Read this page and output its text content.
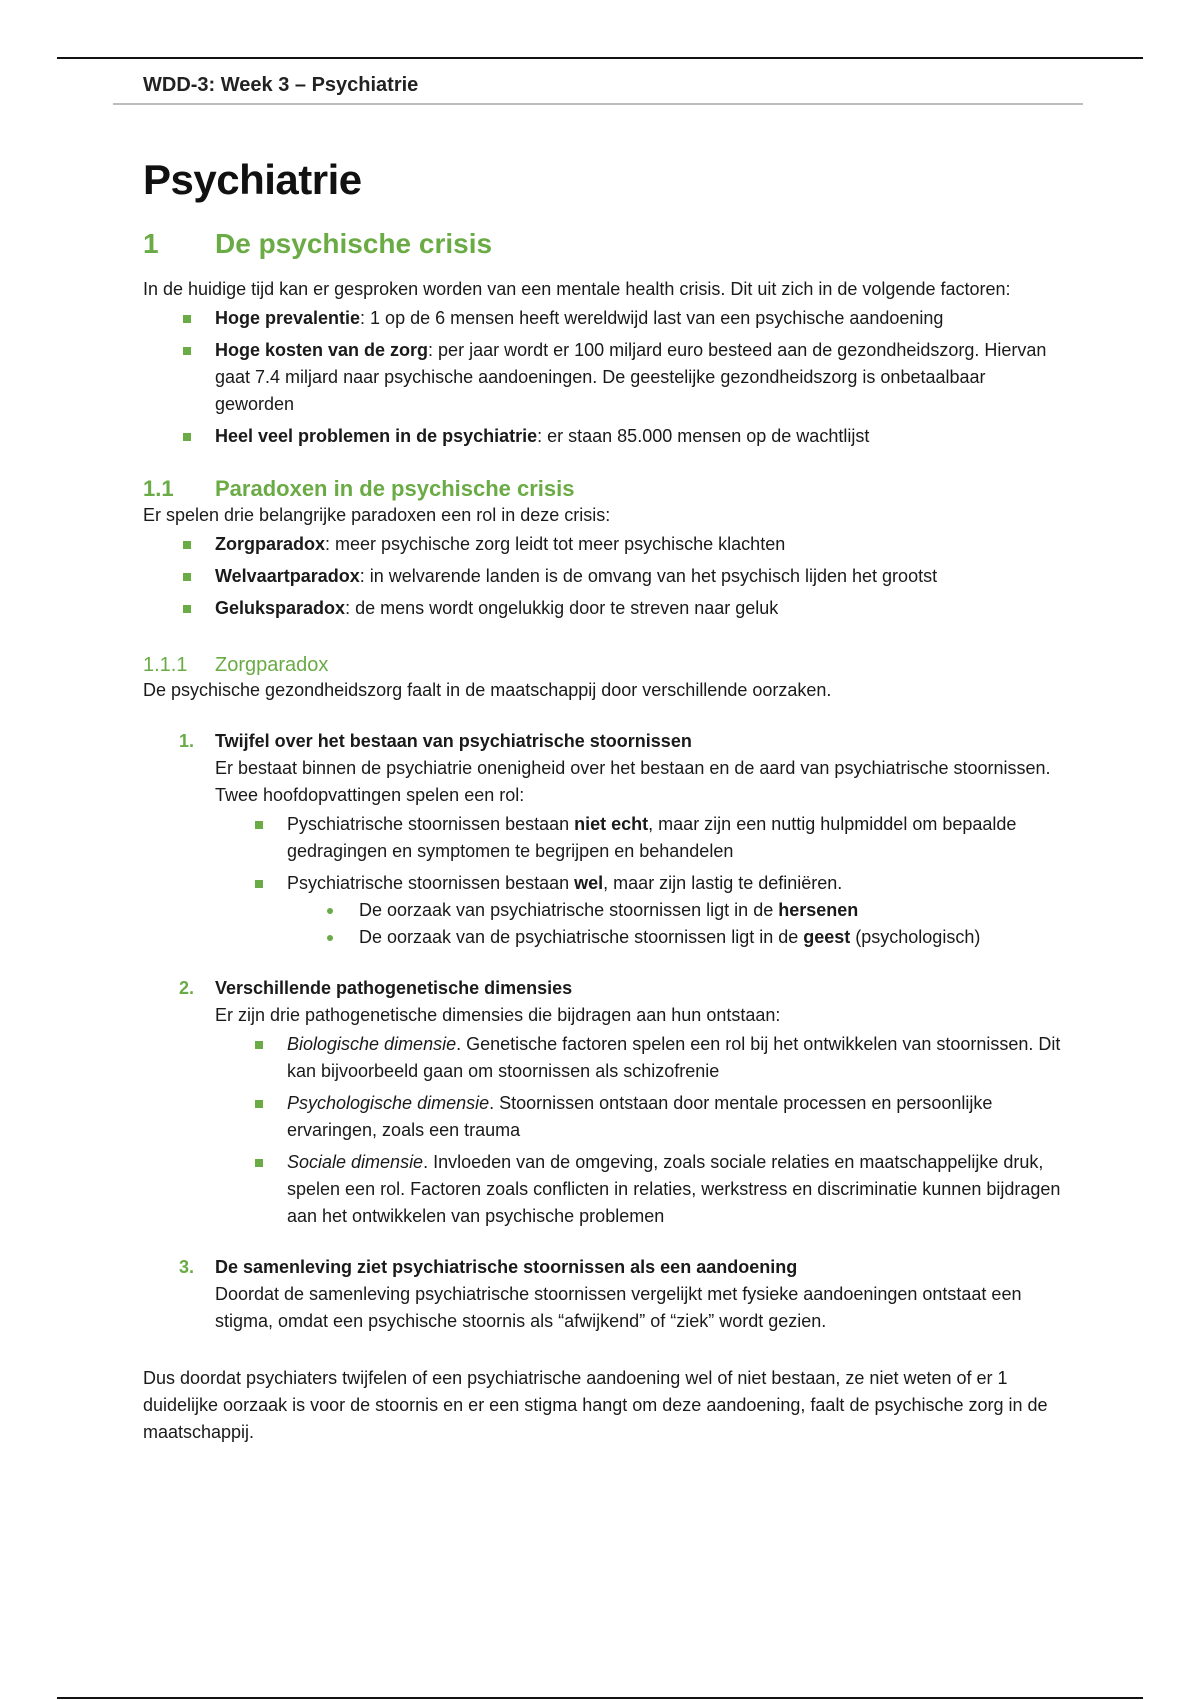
WDD-3: Week 3 – Psychiatrie
Psychiatrie
1	De psychische crisis

In de huidige tijd kan er gesproken worden van een mentale health crisis. Dit uit zich in de volgende factoren:

Hoge prevalentie: 1 op de 6 mensen heeft wereldwijd last van een psychische aandoening
Hoge kosten van de zorg: per jaar wordt er 100 miljard euro besteed aan de gezondheidszorg. Hiervan gaat 7.4 miljard naar psychische aandoeningen. De geestelijke gezondheidszorg is onbetaalbaar geworden
Heel veel problemen in de psychiatrie: er staan 85.000 mensen op de wachtlijst
1.1	Paradoxen in de psychische crisis

Er spelen drie belangrijke paradoxen een rol in deze crisis:

Zorgparadox: meer psychische zorg leidt tot meer psychische klachten
Welvaartparadox: in welvarende landen is de omvang van het psychisch lijden het grootst
Geluksparadox: de mens wordt ongelukkig door te streven naar geluk
1.1.1	Zorgparadox

De psychische gezondheidszorg faalt in de maatschappij door verschillende oorzaken.

1. Twijfel over het bestaan van psychiatrische stoornissen

Er bestaat binnen de psychiatrie onenigheid over het bestaan en de aard van psychiatrische stoornissen. Twee hoofdopvattingen spelen een rol:

Pyschiatrische stoornissen bestaan niet echt, maar zijn een nuttig hulpmiddel om bepaalde gedragingen en symptomen te begrijpen en behandelen
Psychiatrische stoornissen bestaan wel, maar zijn lastig te definiëren.
De oorzaak van psychiatrische stoornissen ligt in de hersenen
De oorzaak van de psychiatrische stoornissen ligt in de geest (psychologisch)
2. Verschillende pathogenetische dimensies

Er zijn drie pathogenetische dimensies die bijdragen aan hun ontstaan:

Biologische dimensie. Genetische factoren spelen een rol bij het ontwikkelen van stoornissen. Dit kan bijvoorbeeld gaan om stoornissen als schizofrenie
Psychologische dimensie. Stoornissen ontstaan door mentale processen en persoonlijke ervaringen, zoals een trauma
Sociale dimensie. Invloeden van de omgeving, zoals sociale relaties en maatschappelijke druk, spelen een rol. Factoren zoals conflicten in relaties, werkstress en discriminatie kunnen bijdragen aan het ontwikkelen van psychische problemen
3. De samenleving ziet psychiatrische stoornissen als een aandoening

Doordat de samenleving psychiatrische stoornissen vergelijkt met fysieke aandoeningen ontstaat een stigma, omdat een psychische stoornis als “afwijkend” of “ziek” wordt gezien.

Dus doordat psychiaters twijfelen of een psychiatrische aandoening wel of niet bestaan, ze niet weten of er 1 duidelijke oorzaak is voor de stoornis en er een stigma hangt om deze aandoening, faalt de psychische zorg in de maatschappij.
